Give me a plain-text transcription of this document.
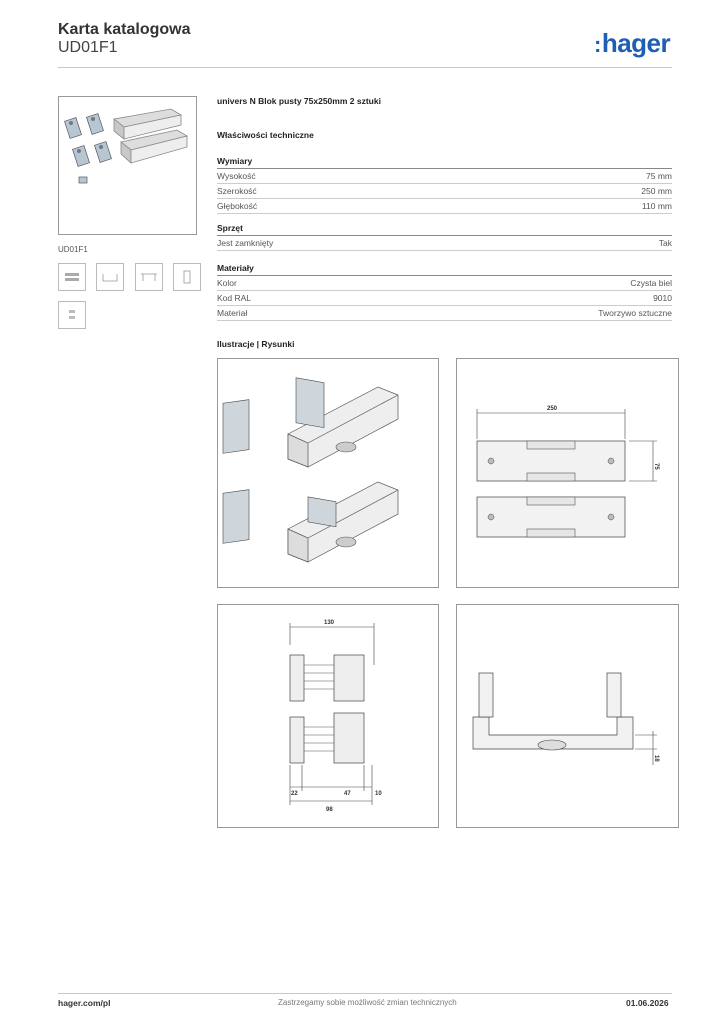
Karta katalogowa
UD01F1	:hager
UD01F1
univers N Blok pusty 75x250mm 2 sztuki
Właściwości techniczne
Wymiary
Wysokość	75 mm
Szerokość	250 mm
Głębokość	110 mm
Sprzęt
Jest zamknięty	Tak
Materiały
Kolor	Czysta biel
Kod RAL	9010
Materiał	Tworzywo sztuczne
Ilustracje | Rysunki
250
75
130
22	47	10
98
18
hager.com/pl	Zastrzegamy sobie możliwość zmian technicznych	01.06.2026
